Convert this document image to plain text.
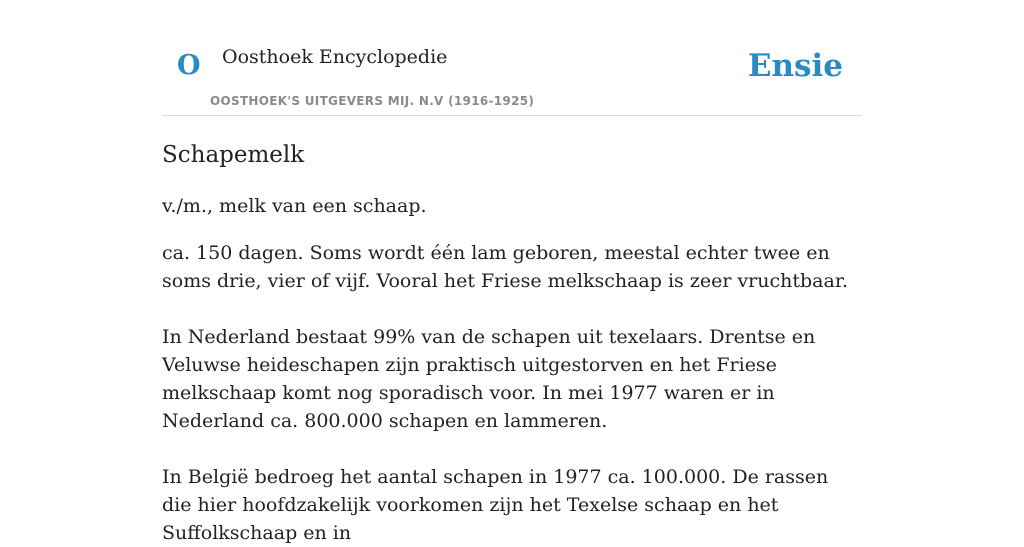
O Oosthoek Encyclopedie
OOSTHOEK'S UITGEVERS MIJ. N.V (1916-1925)
Ensie
Schapemelk

v./m., melk van een schaap.

ca. 150 dagen. Soms wordt één lam geboren, meestal echter twee en soms drie, vier of vijf. Vooral het Friese melkschaap is zeer vruchtbaar.

In Nederland bestaat 99% van de schapen uit texelaars. Drentse en Veluwse heideschapen zijn praktisch uitgestorven en het Friese melkschaap komt nog sporadisch voor. In mei 1977 waren er in Nederland ca. 800.000 schapen en lammeren.

In België bedroeg het aantal schapen in 1977 ca. 100.000. De rassen die hier hoofdzakelijk voorkomen zijn het Texelse schaap en het Suffolkschaap en in
